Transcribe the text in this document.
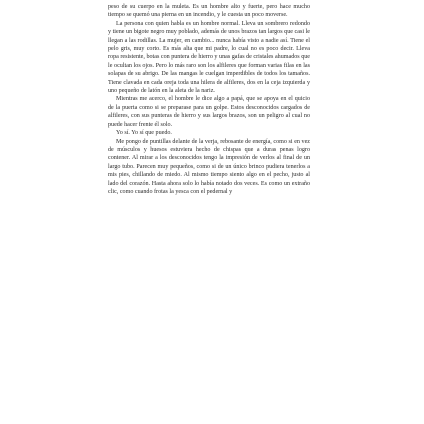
peso de su cuerpo en la muleta. Es un hombre alto y fuerte, pero hace mucho tiempo se quemó una pierna en un incendio, y le cuesta un poco moverse.

La persona con quien habla es un hombre normal. Lleva un sombrero redondo y tiene un bigote negro muy poblado, además de unos brazos tan largos que casi le llegan a las rodillas. La mujer, en cambio... nunca había visto a nadie así. Tiene el pelo gris, muy corto. Es más alta que mi padre, lo cual no es poco decir. Lleva ropa resistente, botas con puntera de hierro y unas gafas de cristales ahumados que le ocultan los ojos. Pero lo más raro son los alfileres que forman varias filas en las solapas de su abrigo. De las mangas le cuelgan imperdibles de todos los tamaños. Tiene clavada en cada oreja toda una hilera de alfileres, dos en la ceja izquierda y uno pequeño de latón en la aleta de la nariz.

Mientras me acerco, el hombre le dice algo a papá, que se apoya en el quicio de la puerta como si se preparase para un golpe. Estos desconocidos cargados de alfileres, con sus punteras de hierro y sus largos brazos, son un peligro al cual no puede hacer frente él solo.

Yo sí. Yo sí que puedo.

Me pongo de puntillas delante de la verja, rebosante de energía, como si en vez de músculos y huesos estuviera hecho de chispas que a duras penas logro contener. Al mirar a los desconocidos tengo la impresión de verlos al final de un largo tubo. Parecen muy pequeños, como si de un único brinco pudiera tenerlos a mis pies, chillando de miedo. Al mismo tiempo siento algo en el pecho, justo al lado del corazón. Hasta ahora solo lo había notado dos veces. Es como un extraño clic, como cuando frotas la yesca con el pedernal y
